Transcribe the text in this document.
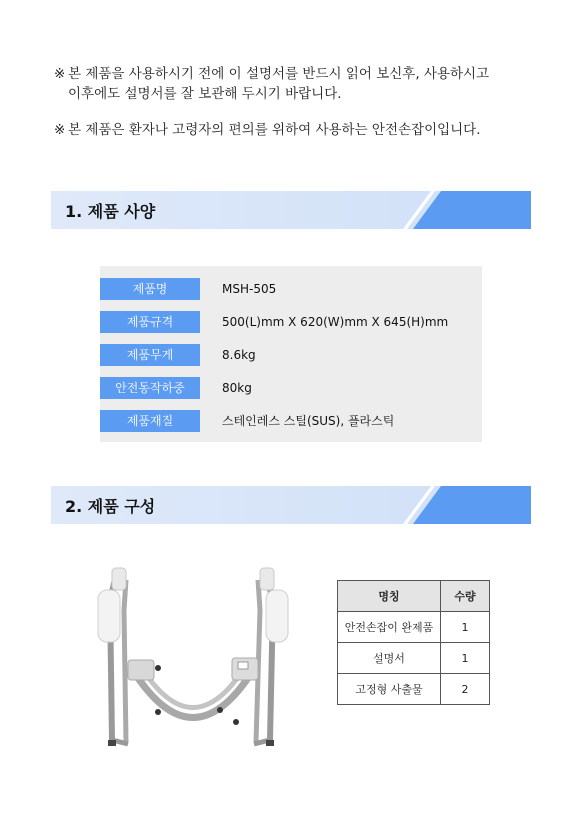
※ 본 제품을 사용하시기 전에 이 설명서를 반드시 읽어 보신후, 사용하시고
이후에도 설명서를 잘 보관해 두시기 바랍니다.
※ 본 제품은 환자나 고령자의 편의를 위하여 사용하는 안전손잡이입니다.
1. 제품 사양
제품명	MSH-505
제품규격	500(L)mm X 620(W)mm X 645(H)mm
제품무게	8.6kg
안전동작하중	80kg
제품재질	스테인레스 스틸(SUS), 플라스틱
2. 제품 구성
명칭	수량
안전손잡이 완제품	1
설명서	1
고정형 사출물	2
